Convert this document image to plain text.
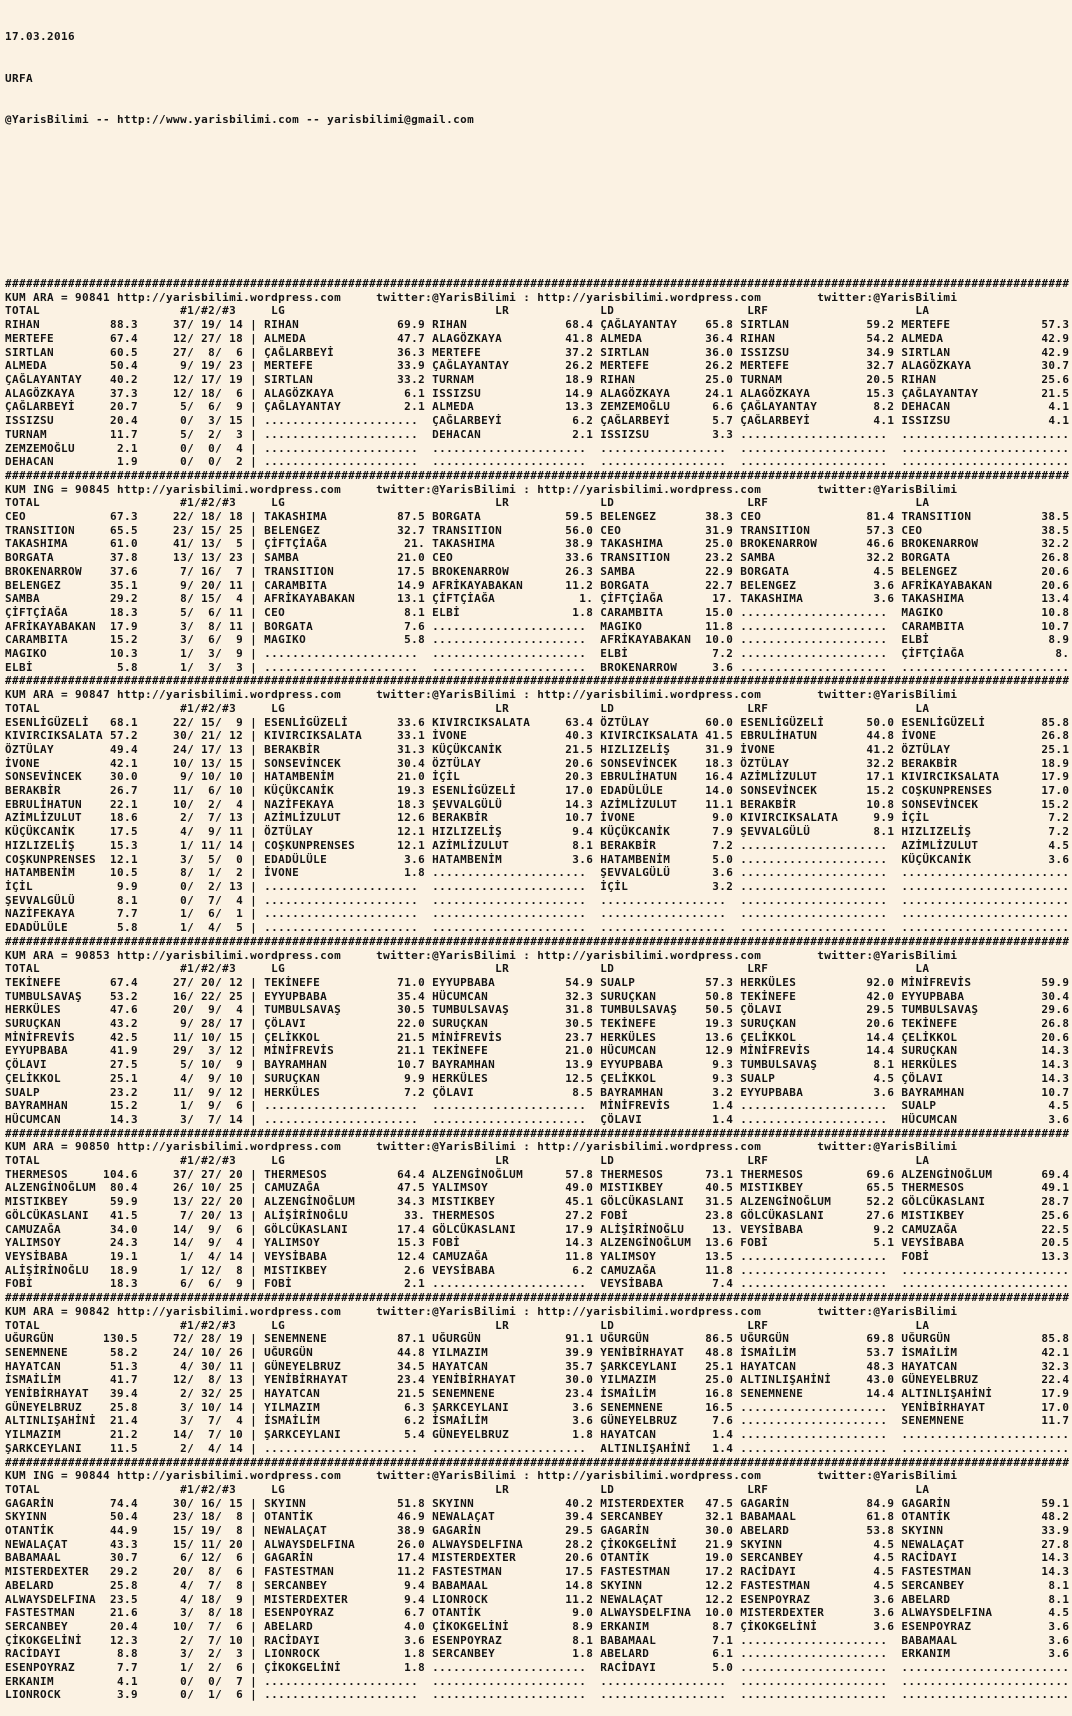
17.03.2016

URFA

@YarisBilimi -- http://www.yarisbilimi.com -- yarisbilimi@gmail.com

########################################################################################################################################################
KUM ARA = 90841 http://yarisbilimi.wordpress.com     twitter:@YarisBilimi : http://yarisbilimi.wordpress.com        twitter:@YarisBilimi
TOTAL                    #1/#2/#3     LG                              LR             LD                   LRF                     LA
RIHAN          88.3     37/ 19/ 14 | RIHAN              69.9 RIHAN              68.4 ÇAĞLAYANTAY    65.8 SIRTLAN           59.2 MERTEFE             57.3
MERTEFE        67.4     12/ 27/ 18 | ALMEDA             47.7 ALAGÖZKAYA         41.8 ALMEDA         36.4 RIHAN             54.2 ALMEDA              42.9
SIRTLAN        60.5     27/  8/  6 | ÇAĞLARBEYİ         36.3 MERTEFE            37.2 SIRTLAN        36.0 ISSIZSU           34.9 SIRTLAN             42.9
ALMEDA         50.4      9/ 19/ 23 | MERTEFE            33.9 ÇAĞLAYANTAY        26.2 MERTEFE        26.2 MERTEFE           32.7 ALAGÖZKAYA          30.7
ÇAĞLAYANTAY    40.2     12/ 17/ 19 | SIRTLAN            33.2 TURNAM             18.9 RIHAN          25.0 TURNAM            20.5 RIHAN               25.6
ALAGÖZKAYA     37.3     12/ 18/  6 | ALAGÖZKAYA          6.1 ISSIZSU            14.9 ALAGÖZKAYA     24.1 ALAGÖZKAYA        15.3 ÇAĞLAYANTAY         21.5
ÇAĞLARBEYİ     20.7      5/  6/  9 | ÇAĞLAYANTAY         2.1 ALMEDA             13.3 ZEMZEMOĞLU      6.6 ÇAĞLAYANTAY        8.2 DEHACAN              4.1
ISSIZSU        20.4      0/  3/ 15 | ......................  ÇAĞLARBEYİ          6.2 ÇAĞLARBEYİ      5.7 ÇAĞLARBEYİ         4.1 ISSIZSU              4.1
TURNAM         11.7      5/  2/  3 | ......................  DEHACAN             2.1 ISSIZSU         3.3 .....................  ........................
ZEMZEMOĞLU      2.1      0/  0/  4 | ......................  ......................  ..................  .....................  ........................
DEHACAN         1.9      0/  0/  2 | ......................  ......................  ..................  .....................  ........................
########################################################################################################################################################
KUM ING = 90845 http://yarisbilimi.wordpress.com     twitter:@YarisBilimi : http://yarisbilimi.wordpress.com        twitter:@YarisBilimi
TOTAL                    #1/#2/#3     LG                              LR             LD                   LRF                     LA
CEO            67.3     22/ 18/ 18 | TAKASHIMA          87.5 BORGATA            59.5 BELENGEZ       38.3 CEO               81.4 TRANSITION          38.5
TRANSITION     65.5     23/ 15/ 25 | BELENGEZ           32.7 TRANSITION         56.0 CEO            31.9 TRANSITION        57.3 CEO                 38.5
TAKASHIMA      61.0     41/ 13/  5 | ÇİFTÇİAĞA           21. TAKASHIMA          38.9 TAKASHIMA      25.0 BROKENARROW       46.6 BROKENARROW         32.2
BORGATA        37.8     13/ 13/ 23 | SAMBA              21.0 CEO                33.6 TRANSITION     23.2 SAMBA             32.2 BORGATA             26.8
BROKENARROW    37.6      7/ 16/  7 | TRANSITION         17.5 BROKENARROW        26.3 SAMBA          22.9 BORGATA            4.5 BELENGEZ            20.6
BELENGEZ       35.1      9/ 20/ 11 | CARAMBITA          14.9 AFRİKAYABAKAN      11.2 BORGATA        22.7 BELENGEZ           3.6 AFRİKAYABAKAN       20.6
SAMBA          29.2      8/ 15/  4 | AFRİKAYABAKAN      13.1 ÇİFTÇİAĞA            1. ÇİFTÇİAĞA       17. TAKASHIMA          3.6 TAKASHIMA           13.4
ÇİFTÇİAĞA      18.3      5/  6/ 11 | CEO                 8.1 ELBİ                1.8 CARAMBITA      15.0 .....................  MAGIKO              10.8
AFRİKAYABAKAN  17.9      3/  8/ 11 | BORGATA             7.6 ......................  MAGIKO         11.8 .....................  CARAMBITA           10.7
CARAMBITA      15.2      3/  6/  9 | MAGIKO              5.8 ......................  AFRİKAYABAKAN  10.0 .....................  ELBİ                 8.9
MAGIKO         10.3      1/  3/  9 | ......................  ......................  ELBİ            7.2 .....................  ÇİFTÇİAĞA             8.
ELBİ            5.8      1/  3/  3 | ......................  ......................  BROKENARROW     3.6 .....................  ........................
########################################################################################################################################################
KUM ARA = 90847 http://yarisbilimi.wordpress.com     twitter:@YarisBilimi : http://yarisbilimi.wordpress.com        twitter:@YarisBilimi
TOTAL                    #1/#2/#3     LG                              LR             LD                   LRF                     LA
ESENLİGÜZELİ   68.1     22/ 15/  9 | ESENLİGÜZELİ       33.6 KIVIRCIKSALATA     63.4 ÖZTÜLAY        60.0 ESENLİGÜZELİ      50.0 ESENLİGÜZELİ        85.8
KIVIRCIKSALATA 57.2     30/ 21/ 12 | KIVIRCIKSALATA     33.1 İVONE              40.3 KIVIRCIKSALATA 41.5 EBRULİHATUN       44.8 İVONE               26.8
ÖZTÜLAY        49.4     24/ 17/ 13 | BERAKBİR           31.3 KÜÇÜKCANİK         21.5 HIZLIZELİŞ     31.9 İVONE             41.2 ÖZTÜLAY             25.1
İVONE          42.1     10/ 13/ 15 | SONSEVİNCEK        30.4 ÖZTÜLAY            20.6 SONSEVİNCEK    18.3 ÖZTÜLAY           32.2 BERAKBİR            18.9
SONSEVİNCEK    30.0      9/ 10/ 10 | HATAMBENİM         21.0 İÇİL               20.3 EBRULİHATUN    16.4 AZİMLİZULUT       17.1 KIVIRCIKSALATA      17.9
BERAKBİR       26.7     11/  6/ 10 | KÜÇÜKCANİK         19.3 ESENLİGÜZELİ       17.0 EDADÜLÜLE      14.0 SONSEVİNCEK       15.2 COŞKUNPRENSES       17.0
EBRULİHATUN    22.1     10/  2/  4 | NAZİFEKAYA         18.3 ŞEVVALGÜLÜ         14.3 AZİMLİZULUT    11.1 BERAKBİR          10.8 SONSEVİNCEK         15.2
AZİMLİZULUT    18.6      2/  7/ 13 | AZİMLİZULUT        12.6 BERAKBİR           10.7 İVONE           9.0 KIVIRCIKSALATA     9.9 İÇİL                 7.2
KÜÇÜKCANİK     17.5      4/  9/ 11 | ÖZTÜLAY            12.1 HIZLIZELİŞ          9.4 KÜÇÜKCANİK      7.9 ŞEVVALGÜLÜ         8.1 HIZLIZELİŞ           7.2
HIZLIZELİŞ     15.3      1/ 11/ 14 | COŞKUNPRENSES      12.1 AZİMLİZULUT         8.1 BERAKBİR        7.2 .....................  AZİMLİZULUT          4.5
COŞKUNPRENSES  12.1      3/  5/  0 | EDADÜLÜLE           3.6 HATAMBENİM          3.6 HATAMBENİM      5.0 .....................  KÜÇÜKCANİK           3.6
HATAMBENİM     10.5      8/  1/  2 | İVONE               1.8 ......................  ŞEVVALGÜLÜ      3.6 .....................  ........................
İÇİL            9.9      0/  2/ 13 | ......................  ......................  İÇİL            3.2 .....................  ........................
ŞEVVALGÜLÜ      8.1      0/  7/  4 | ......................  ......................  ..................  .....................  ........................
NAZİFEKAYA      7.7      1/  6/  1 | ......................  ......................  ..................  .....................  ........................
EDADÜLÜLE       5.8      1/  4/  5 | ......................  ......................  ..................  .....................  ........................
########################################################################################################################################################
KUM ARA = 90853 http://yarisbilimi.wordpress.com     twitter:@YarisBilimi : http://yarisbilimi.wordpress.com        twitter:@YarisBilimi
TOTAL                    #1/#2/#3     LG                              LR             LD                   LRF                     LA
TEKİNEFE       67.4     27/ 20/ 12 | TEKİNEFE           71.0 EYYUPBABA          54.9 SUALP          57.3 HERKÜLES          92.0 MİNİFREVİS          59.9
TUMBULSAVAŞ    53.2     16/ 22/ 25 | EYYUPBABA          35.4 HÜCUMCAN           32.3 SURUÇKAN       50.8 TEKİNEFE          42.0 EYYUPBABA           30.4
HERKÜLES       47.6     20/  9/  4 | TUMBULSAVAŞ        30.5 TUMBULSAVAŞ        31.8 TUMBULSAVAŞ    50.5 ÇÖLAVI            29.5 TUMBULSAVAŞ         29.6
SURUÇKAN       43.2      9/ 28/ 17 | ÇÖLAVI             22.0 SURUÇKAN           30.5 TEKİNEFE       19.3 SURUÇKAN          20.6 TEKİNEFE            26.8
MİNİFREVİS     42.5     11/ 10/ 15 | ÇELİKKOL           21.5 MİNİFREVİS         23.7 HERKÜLES       13.6 ÇELİKKOL          14.4 ÇELİKKOL            20.6
EYYUPBABA      41.9     29/  3/ 12 | MİNİFREVİS         21.1 TEKİNEFE           21.0 HÜCUMCAN       12.9 MİNİFREVİS        14.4 SURUÇKAN            14.3
ÇÖLAVI         27.5      5/ 10/  9 | BAYRAMHAN          10.7 BAYRAMHAN          13.9 EYYUPBABA       9.3 TUMBULSAVAŞ        8.1 HERKÜLES            14.3
ÇELİKKOL       25.1      4/  9/ 10 | SURUÇKAN            9.9 HERKÜLES           12.5 ÇELİKKOL        9.3 SUALP              4.5 ÇÖLAVI              14.3
SUALP          23.2     11/  9/ 12 | HERKÜLES            7.2 ÇÖLAVI              8.5 BAYRAMHAN       3.2 EYYUPBABA          3.6 BAYRAMHAN           10.7
BAYRAMHAN      15.2      1/  9/  6 | ......................  ......................  MİNİFREVİS      1.4 .....................  SUALP                4.5
HÜCUMCAN       14.3      3/  7/ 14 | ......................  ......................  ÇÖLAVI          1.4 .....................  HÜCUMCAN             3.6
########################################################################################################################################################
KUM ARA = 90850 http://yarisbilimi.wordpress.com     twitter:@YarisBilimi : http://yarisbilimi.wordpress.com        twitter:@YarisBilimi
TOTAL                    #1/#2/#3     LG                              LR             LD                   LRF                     LA
THERMESOS     104.6     37/ 27/ 20 | THERMESOS          64.4 ALZENGİNOĞLUM      57.8 THERMESOS      73.1 THERMESOS         69.6 ALZENGİNOĞLUM       69.4
ALZENGİNOĞLUM  80.4     26/ 10/ 25 | CAMUZAĞA           47.5 YALIMSOY           49.0 MISTIKBEY      40.5 MISTIKBEY         65.5 THERMESOS           49.1
MISTIKBEY      59.9     13/ 22/ 20 | ALZENGİNOĞLUM      34.3 MISTIKBEY          45.1 GÖLCÜKASLANI   31.5 ALZENGİNOĞLUM     52.2 GÖLCÜKASLANI        28.7
GÖLCÜKASLANI   41.5      7/ 20/ 13 | ALİŞİRİNOĞLU        33. THERMESOS          27.2 FOBİ           23.8 GÖLCÜKASLANI      27.6 MISTIKBEY           25.6
CAMUZAĞA       34.0     14/  9/  6 | GÖLCÜKASLANI       17.4 GÖLCÜKASLANI       17.9 ALİŞİRİNOĞLU    13. VEYSİBABA          9.2 CAMUZAĞA            22.5
YALIMSOY       24.3     14/  9/  4 | YALIMSOY           15.3 FOBİ               14.3 ALZENGİNOĞLUM  13.6 FOBİ               5.1 VEYSİBABA           20.5
VEYSİBABA      19.1      1/  4/ 14 | VEYSİBABA          12.4 CAMUZAĞA           11.8 YALIMSOY       13.5 .....................  FOBİ                13.3
ALİŞİRİNOĞLU   18.9      1/ 12/  8 | MISTIKBEY           2.6 VEYSİBABA           6.2 CAMUZAĞA       11.8 .....................  ........................
FOBİ           18.3      6/  6/  9 | FOBİ                2.1 ......................  VEYSİBABA       7.4 .....................  ........................
########################################################################################################################################################
KUM ARA = 90842 http://yarisbilimi.wordpress.com     twitter:@YarisBilimi : http://yarisbilimi.wordpress.com        twitter:@YarisBilimi
TOTAL                    #1/#2/#3     LG                              LR             LD                   LRF                     LA
UĞURGÜN       130.5     72/ 28/ 19 | SENEMNENE          87.1 UĞURGÜN            91.1 UĞURGÜN        86.5 UĞURGÜN           69.8 UĞURGÜN             85.8
SENEMNENE      58.2     24/ 10/ 26 | UĞURGÜN            44.8 YILMAZIM           39.9 YENİBİRHAYAT   48.8 İSMAİLİM          53.7 İSMAİLİM            42.1
HAYATCAN       51.3      4/ 30/ 11 | GÜNEYELBRUZ        34.5 HAYATCAN           35.7 ŞARKCEYLANI    25.1 HAYATCAN          48.3 HAYATCAN            32.3
İSMAİLİM       41.7     12/  8/ 13 | YENİBİRHAYAT       23.4 YENİBİRHAYAT       30.0 YILMAZIM       25.0 ALTINLIŞAHİNİ     43.0 GÜNEYELBRUZ         22.4
YENİBİRHAYAT   39.4      2/ 32/ 25 | HAYATCAN           21.5 SENEMNENE          23.4 İSMAİLİM       16.8 SENEMNENE         14.4 ALTINLIŞAHİNİ       17.9
GÜNEYELBRUZ    25.8      3/ 10/ 14 | YILMAZIM            6.3 ŞARKCEYLANI         3.6 SENEMNENE      16.5 .....................  YENİBİRHAYAT        17.0
ALTINLIŞAHİNİ  21.4      3/  7/  4 | İSMAİLİM            6.2 İSMAİLİM            3.6 GÜNEYELBRUZ     7.6 .....................  SENEMNENE           11.7
YILMAZIM       21.2     14/  7/ 10 | ŞARKCEYLANI         5.4 GÜNEYELBRUZ         1.8 HAYATCAN        1.4 .....................  ........................
ŞARKCEYLANI    11.5      2/  4/ 14 | ......................  ......................  ALTINLIŞAHİNİ   1.4 .....................  ........................
########################################################################################################################################################
KUM ING = 90844 http://yarisbilimi.wordpress.com     twitter:@YarisBilimi : http://yarisbilimi.wordpress.com        twitter:@YarisBilimi
TOTAL                    #1/#2/#3     LG                              LR             LD                   LRF                     LA
GAGARİN        74.4     30/ 16/ 15 | SKYINN             51.8 SKYINN             40.2 MISTERDEXTER   47.5 GAGARİN           84.9 GAGARİN             59.1
SKYINN         50.4     23/ 18/  8 | OTANTİK            46.9 NEWALAÇAT          39.4 SERCANBEY      32.1 BABAMAAL          61.8 OTANTİK             48.2
OTANTİK        44.9     15/ 19/  8 | NEWALAÇAT          38.9 GAGARİN            29.5 GAGARİN        30.0 ABELARD           53.8 SKYINN              33.9
NEWALAÇAT      43.3     15/ 11/ 20 | ALWAYSDELFINA      26.0 ALWAYSDELFINA      28.2 ÇİKOKGELİNİ    21.9 SKYINN             4.5 NEWALAÇAT           27.8
BABAMAAL       30.7      6/ 12/  6 | GAGARİN            17.4 MISTERDEXTER       20.6 OTANTİK        19.0 SERCANBEY          4.5 RACİDAYI            14.3
MISTERDEXTER   29.2     20/  8/  6 | FASTESTMAN         11.2 FASTESTMAN         17.5 FASTESTMAN     17.2 RACİDAYI           4.5 FASTESTMAN          14.3
ABELARD        25.8      4/  7/  8 | SERCANBEY           9.4 BABAMAAL           14.8 SKYINN         12.2 FASTESTMAN         4.5 SERCANBEY            8.1
ALWAYSDELFINA  23.5      4/ 18/  9 | MISTERDEXTER        9.4 LIONROCK           11.2 NEWALAÇAT      12.2 ESENPOYRAZ         3.6 ABELARD              8.1
FASTESTMAN     21.6      3/  8/ 18 | ESENPOYRAZ          6.7 OTANTİK             9.0 ALWAYSDELFINA  10.0 MISTERDEXTER       3.6 ALWAYSDELFINA        4.5
SERCANBEY      20.4     10/  7/  6 | ABELARD             4.0 ÇİKOKGELİNİ         8.9 ERKANIM         8.7 ÇİKOKGELİNİ        3.6 ESENPOYRAZ           3.6
ÇİKOKGELİNİ    12.3      2/  7/ 10 | RACİDAYI            3.6 ESENPOYRAZ          8.1 BABAMAAL        7.1 .....................  BABAMAAL             3.6
RACİDAYI        8.8      3/  2/  3 | LIONROCK            1.8 SERCANBEY           1.8 ABELARD         6.1 .....................  ERKANIM              3.6
ESENPOYRAZ      7.7      1/  2/  6 | ÇİKOKGELİNİ         1.8 ......................  RACİDAYI        5.0 .....................  ........................
ERKANIM         4.1      0/  0/  7 | ......................  ......................  ..................  .....................  ........................
LIONROCK        3.9      0/  1/  6 | ......................  ......................  ..................  .....................  ........................
